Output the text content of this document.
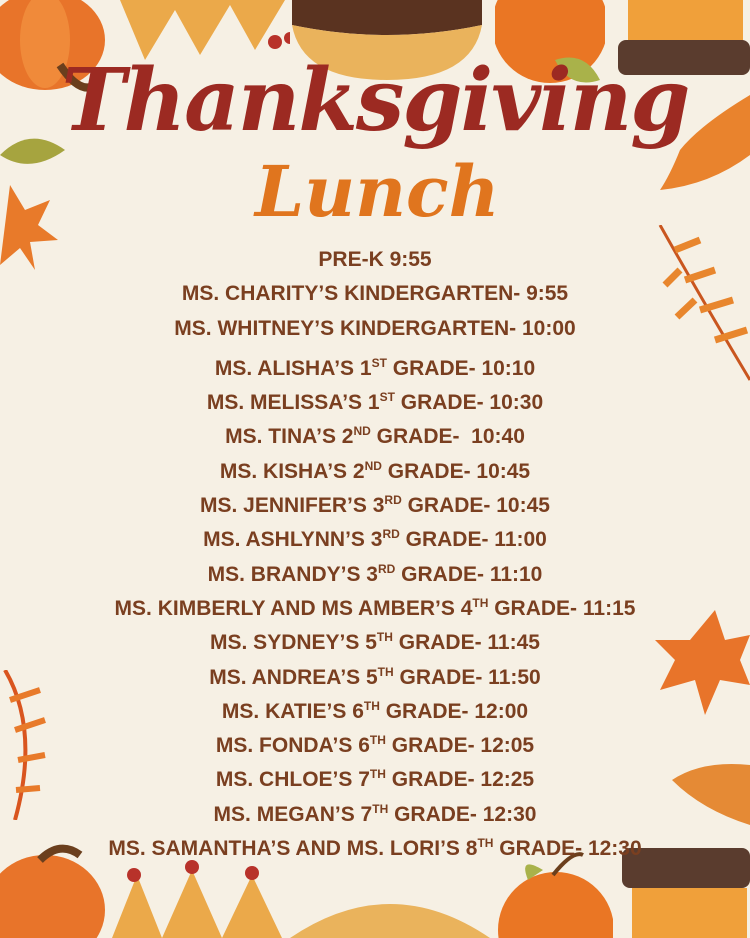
Thanksgiving
Lunch
PRE-K 9:55
MS. CHARITY’S KINDERGARTEN- 9:55
MS. WHITNEY’S KINDERGARTEN- 10:00
MS. ALISHA’S 1ST GRADE- 10:10
MS. MELISSA’S 1ST GRADE- 10:30
MS. TINA’S 2ND GRADE-  10:40
MS. KISHA’S 2ND GRADE- 10:45
MS. JENNIFER’S 3RD GRADE- 10:45
MS. ASHLYNN’S 3RD GRADE- 11:00
MS. BRANDY’S 3RD GRADE- 11:10
MS. KIMBERLY AND MS AMBER’S 4TH GRADE- 11:15
MS. SYDNEY’S 5TH GRADE- 11:45
MS. ANDREA’S 5TH GRADE- 11:50
MS. KATIE’S 6TH GRADE- 12:00
MS. FONDA’S 6TH GRADE- 12:05
MS. CHLOE’S 7TH GRADE- 12:25
MS. MEGAN’S 7TH GRADE- 12:30
MS. SAMANTHA’S AND MS. LORI’S 8TH GRADE- 12:30
